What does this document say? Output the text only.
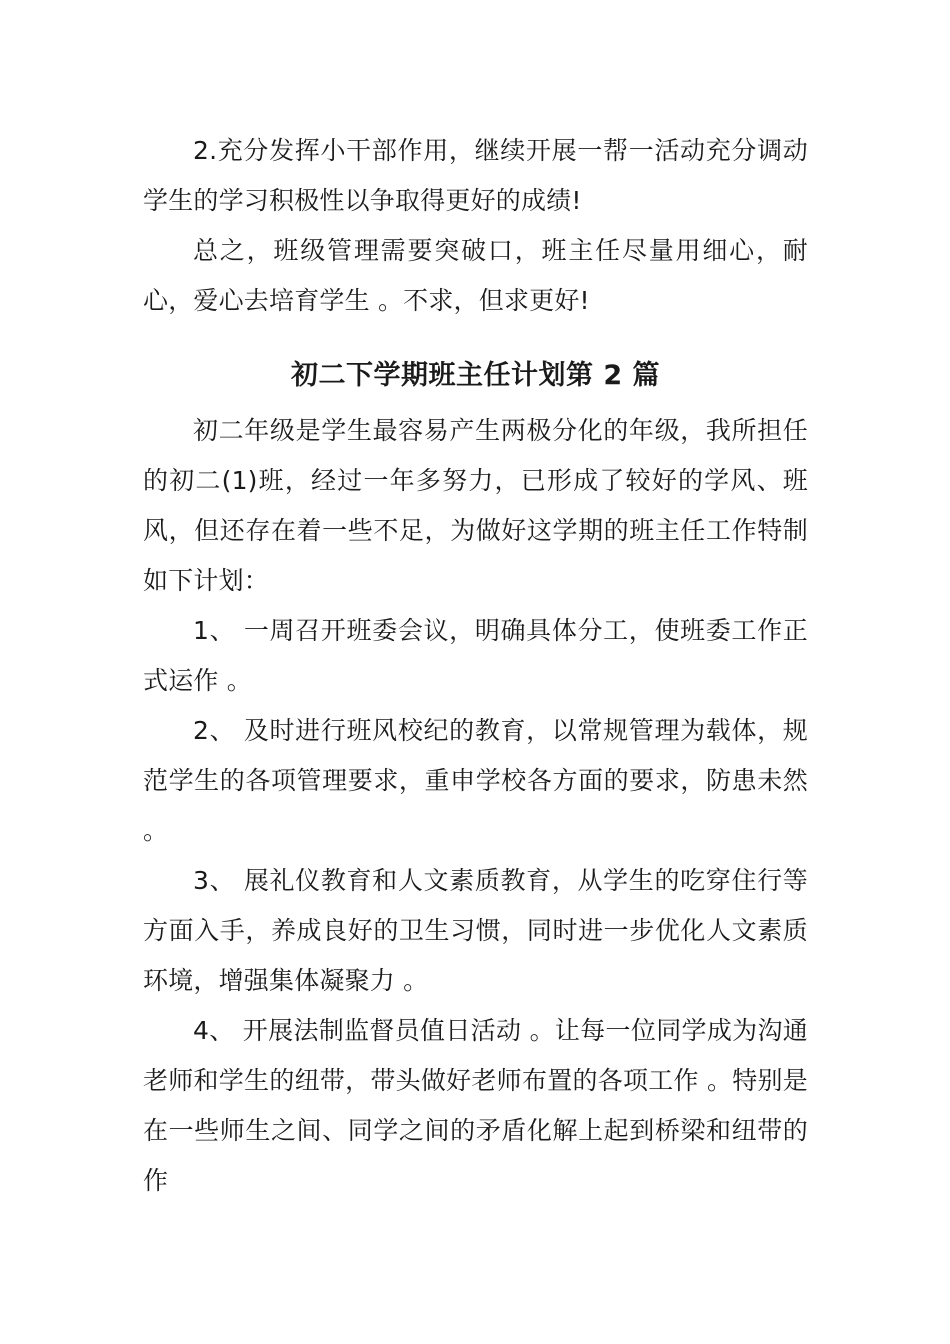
2.充分发挥小干部作用，继续开展一帮一活动充分调动学生的学习积极性以争取得更好的成绩!

总之，班级管理需要突破口，班主任尽量用细心，耐心，爱心去培育学生 。不求，但求更好!

初二下学期班主任计划第 2 篇

初二年级是学生最容易产生两极分化的年级，我所担任的初二(1)班，经过一年多努力，已形成了较好的学风、班风，但还存在着一些不足，为做好这学期的班主任工作特制 如下计划：

1、 一周召开班委会议，明确具体分工，使班委工作正式运作 。

2、 及时进行班风校纪的教育，以常规管理为载体，规范学生的各项管理要求，重申学校各方面的要求，防患未然 。

3、 展礼仪教育和人文素质教育，从学生的吃穿住行等方面入手，养成良好的卫生习惯，同时进一步优化人文素质环境，增强集体凝聚力 。

4、 开展法制监督员值日活动 。让每一位同学成为沟通老师和学生的纽带，带头做好老师布置的各项工作 。特别是在一些师生之间、同学之间的矛盾化解上起到桥梁和纽带的作
